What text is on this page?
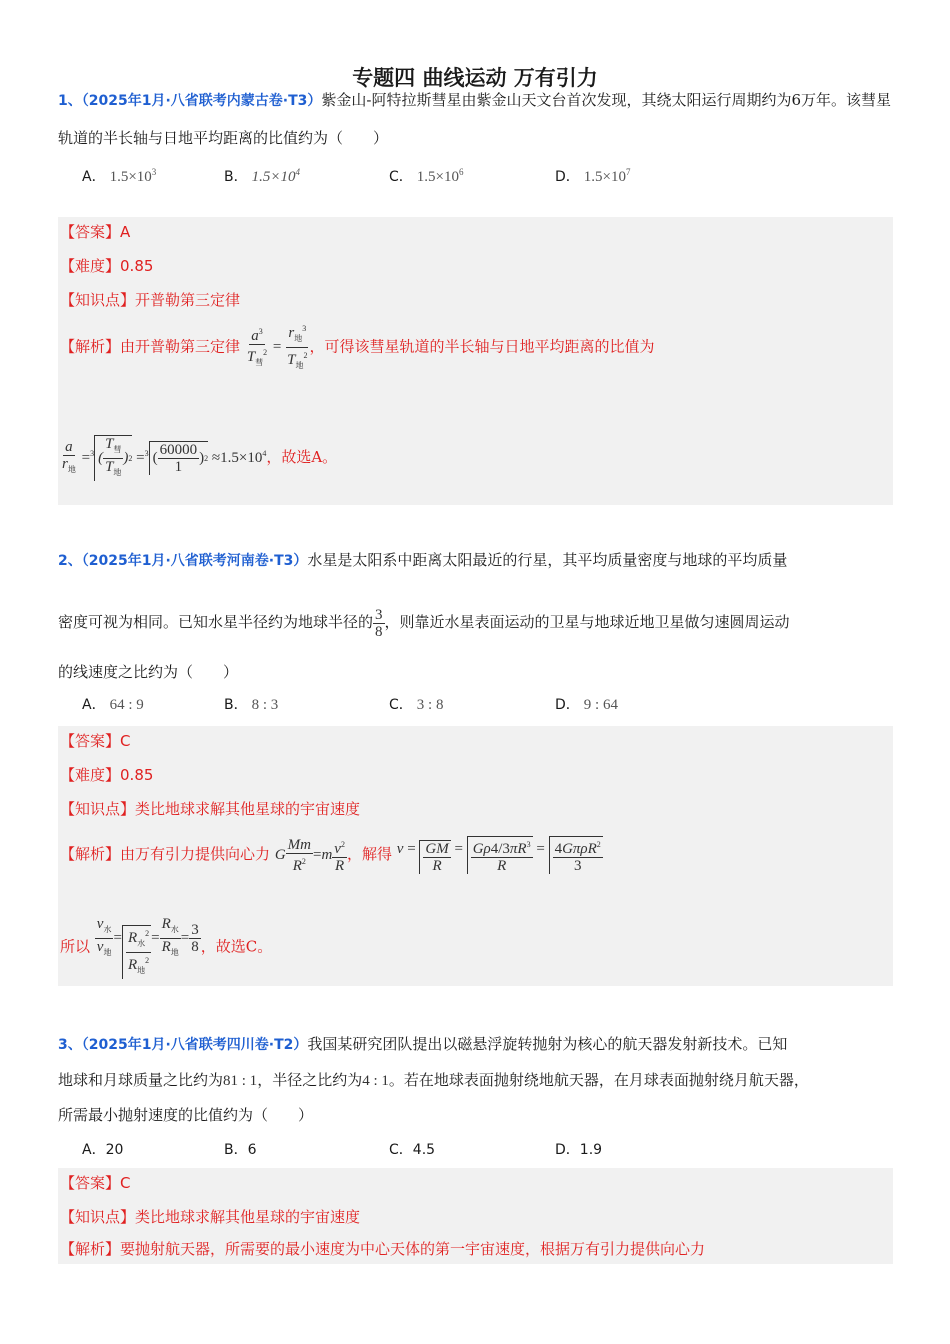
专题四 曲线运动 万有引力
1、（2025年1月·八省联考内蒙古卷·T3）紫金山-阿特拉斯彗星由紫金山天文台首次发现，其绕太阳运行周期约为6万年。该彗星轨道的半长轴与日地平均距离的比值约为（　　）
A． $1.5\times 10^3$	B． $1.5\times 10^4$	C． $1.5\times 10^6$	D． $1.5\times 10^7$
【答案】A
【难度】0.85
【知识点】开普勒第三定律
【解析】由开普勒第三定律 $\frac{a^3}{T_彗^2} = \frac{r_地^3}{T_地^2}$ ，可得该彗星轨道的半长轴与日地平均距离的比值为
$\frac{a}{r_地} =^3$ ( $\frac{T_彗}{T_地}$ ) 2 =$^3$ ( $\frac{60000}{1}$ ) $2 \approx 1.5\times 10^4$，故选A。
2、（2025年1月·八省联考河南卷·T3）水星是太阳系中距离太阳最近的行星，其平均质量密度与地球的平均质量
密度可视为相同。已知水星半径约为地球半径的 $\frac{3}{8}$ ，则靠近水星表面运动的卫星与地球近地卫星做匀速圆周运动
的线速度之比约为（　　）
A． 64 : 9	B． 8 : 3	C． 3 : 8	D． 9 : 64
【答案】C
【难度】0.85
【知识点】类比地球求解其他星球的宇宙速度
【解析】由万有引力提供向心力 G $\frac{Mm}{R^2} =m \frac{v^2}{R}$ ，解得 $v = \frac{GM}{R} = \frac{G\rho 4/3\pi R^3}{R} = \frac{4G\pi\rho R^2}{3}$
所以 $\frac{v_水}{v_地} = \frac{R_水^2}{R_地^2} = \frac{R_水}{R_地} = \frac{3}{8}$ ，故选C。
3、（2025年1月·八省联考四川卷·T2）我国某研究团队提出以磁悬浮旋转抛射为核心的航天器发射新技术。已知
地球和月球质量之比约为81 : 1，半径之比约为4 : 1。若在地球表面抛射绕地航天器，在月球表面抛射绕月航天器，
所需最小抛射速度的比值约为（　　）
A．20	B．6	C．4.5	D．1.9
【答案】C
【知识点】类比地球求解其他星球的宇宙速度
【解析】要抛射航天器，所需要的最小速度为中心天体的第一宇宙速度，根据万有引力提供向心力
